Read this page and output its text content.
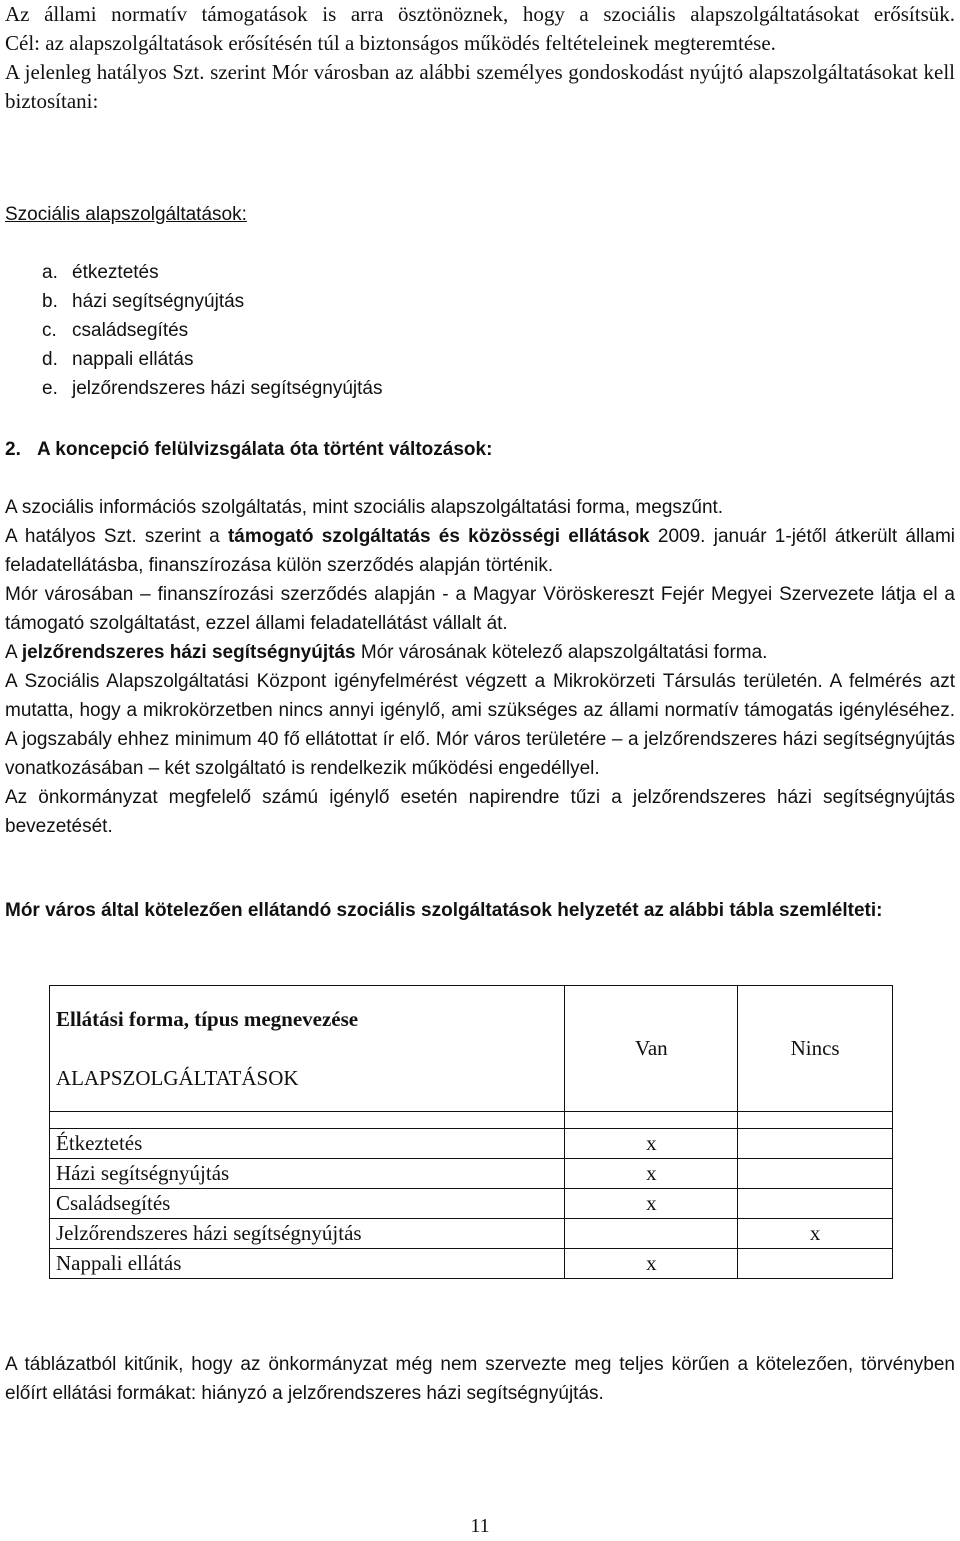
Az állami normatív támogatások is arra ösztönöznek, hogy a szociális alapszolgáltatásokat erősítsük.

Cél: az alapszolgáltatások erősítésén túl a biztonságos működés feltételeinek megteremtése.

A jelenleg hatályos Szt. szerint Mór városban az alábbi személyes gondoskodást nyújtó alapszolgáltatásokat kell biztosítani:

Szociális alapszolgáltatások:
a. étkeztetés
b. házi segítségnyújtás
c. családsegítés
d. nappali ellátás
e. jelzőrendszeres házi segítségnyújtás
2. A koncepció felülvizsgálata óta történt változások:

A szociális információs szolgáltatás, mint szociális alapszolgáltatási forma, megszűnt.

A hatályos Szt. szerint a támogató szolgáltatás és közösségi ellátások 2009. január 1-jétől átkerült állami feladatellátásba, finanszírozása külön szerződés alapján történik.

Mór városában – finanszírozási szerződés alapján - a Magyar Vöröskereszt Fejér Megyei Szervezete látja el a támogató szolgáltatást, ezzel állami feladatellátást vállalt át.

A jelzőrendszeres házi segítségnyújtás Mór városának kötelező alapszolgáltatási forma.

A Szociális Alapszolgáltatási Központ igényfelmérést végzett a Mikrokörzeti Társulás területén. A felmérés azt mutatta, hogy a mikrokörzetben nincs annyi igénylő, ami szükséges az állami normatív támogatás igényléséhez. A jogszabály ehhez minimum 40 fő ellátottat ír elő. Mór város területére – a jelzőrendszeres házi segítségnyújtás vonatkozásában – két szolgáltató is rendelkezik működési engedéllyel.

Az önkormányzat megfelelő számú igénylő esetén napirendre tűzi a jelzőrendszeres házi segítségnyújtás bevezetését.

Mór város által kötelezően ellátandó szociális szolgáltatások helyzetét az alábbi tábla szemlélteti:

Ellátási forma, típus megnevezése
ALAPSZOLGÁLTATÁSOK	Van	Nincs

Étkeztetés	x	
Házi segítségnyújtás	x	
Családsegítés	x	
Jelzőrendszeres házi segítségnyújtás		x
Nappali ellátás	x	

A táblázatból kitűnik, hogy az önkormányzat még nem szervezte meg teljes körűen a kötelezően, törvényben előírt ellátási formákat: hiányzó a jelzőrendszeres házi segítségnyújtás.

11
